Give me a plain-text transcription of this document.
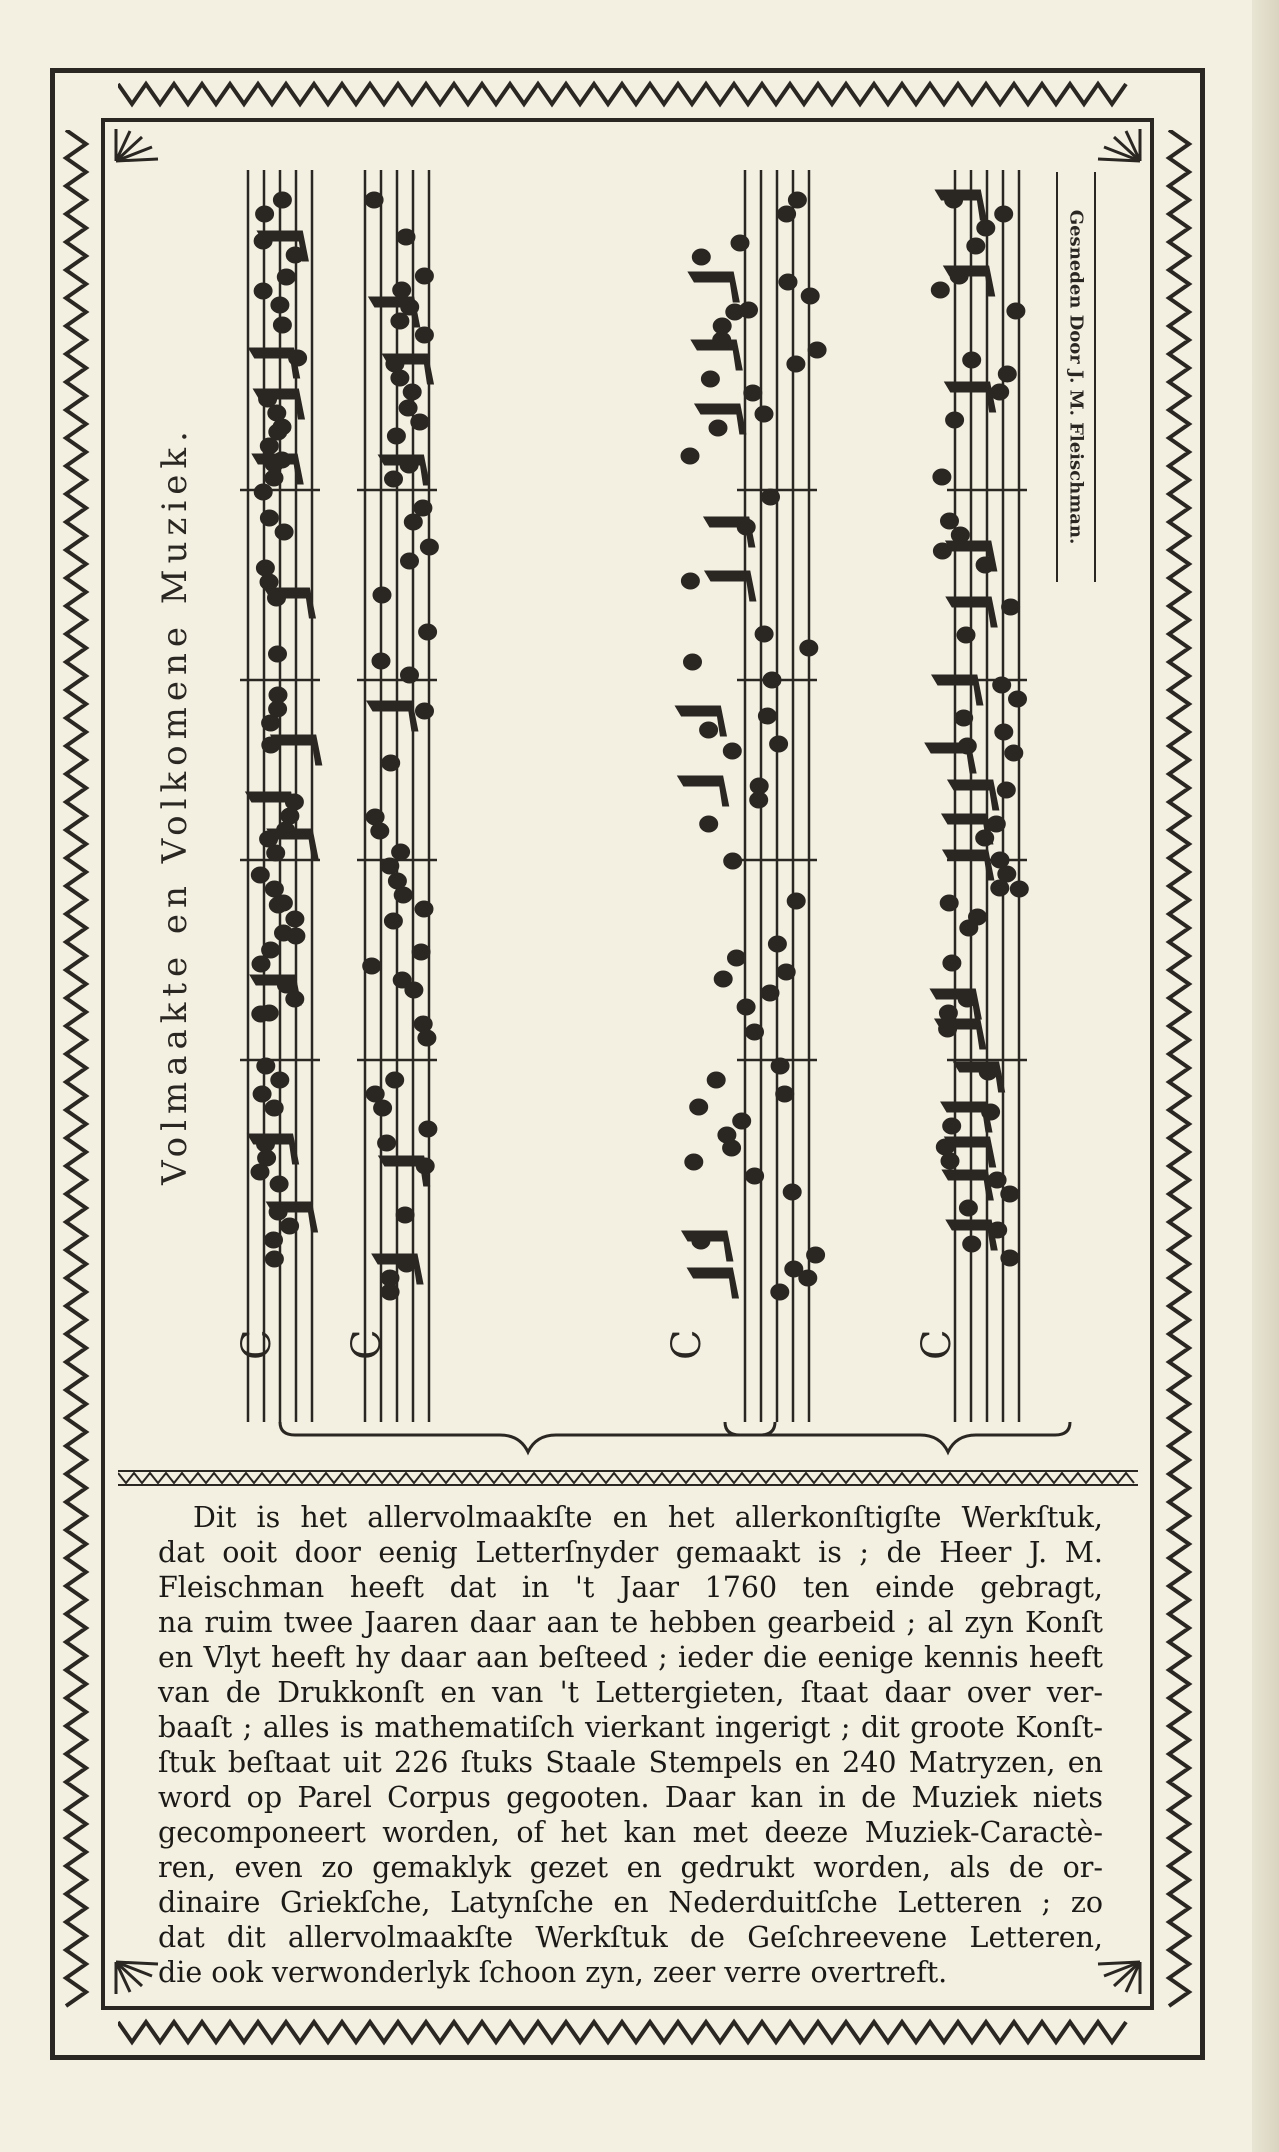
Volmaakte en Volkomene Muziek.
Gesneden Door J. M. Fleischman.
C C	C	C
Dit is het allervolmaakſte en het allerkonſtigſte Werkſtuk,
dat ooit door eenig Letterſnyder gemaakt is ; de Heer J. M.
Fleischman heeft dat in 't Jaar 1760 ten einde gebragt,
na ruim twee Jaaren daar aan te hebben gearbeid ; al zyn Konſt
en Vlyt heeft hy daar aan beſteed ; ieder die eenige kennis heeft
van de Drukkonſt en van 't Lettergieten, ſtaat daar over ver-
baaſt ; alles is mathematiſch vierkant ingerigt ; dit groote Konſt-
ſtuk beſtaat uit 226 ſtuks Staale Stempels en 240 Matryzen, en
word op Parel Corpus gegooten. Daar kan in de Muziek niets
gecomponeert worden, of het kan met deeze Muziek-Caractè-
ren, even zo gemaklyk gezet en gedrukt worden, als de or-
dinaire Griekſche, Latynſche en Nederduitſche Letteren ; zo
dat dit allervolmaakſte Werkſtuk de Geſchreevene Letteren,
die ook verwonderlyk ſchoon zyn, zeer verre overtreft.
